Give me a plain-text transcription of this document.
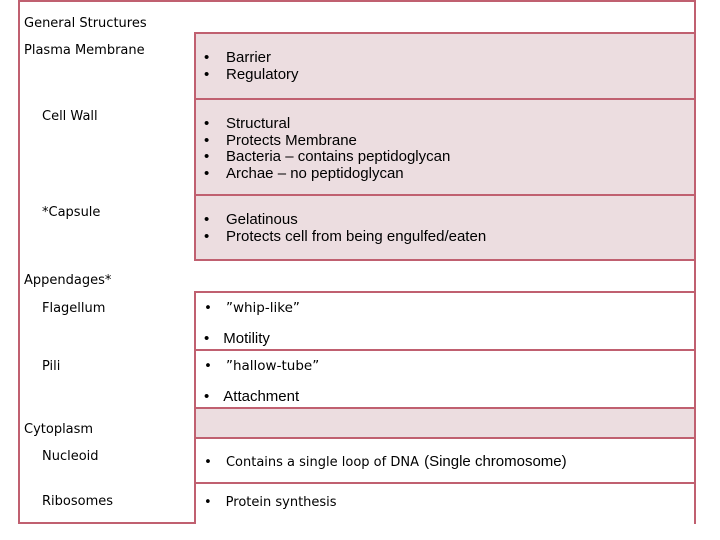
General Structures
Plasma Membrane	• Barrier
• Regulatory
Cell Wall	• Structural
• Protects Membrane
• Bacteria – contains peptidoglycan
• Archae – no peptidoglycan
*Capsule	• Gelatinous
• Protects cell from being engulfed/eaten
Appendages*
Flagellum	• ”whip-like”
• Motility
Pili	• ”hallow-tube”
• Attachment
Cytoplasm
Nucleoid	• Contains a single loop of DNA (Single chromosome)
Ribosomes	• Protein synthesis
